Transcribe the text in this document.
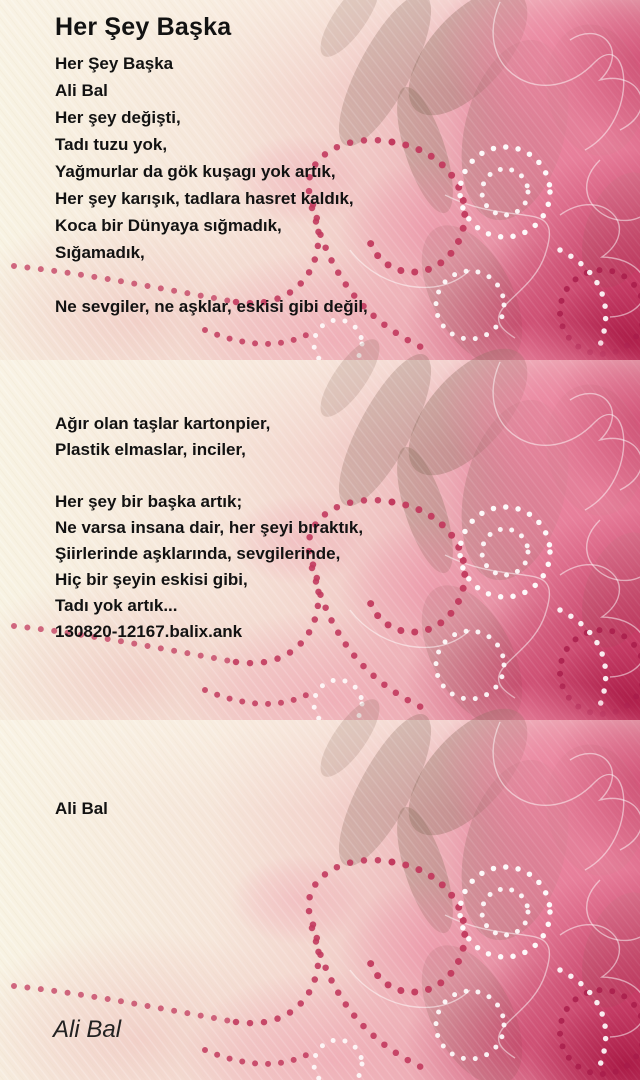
Her Şey Başka
Her Şey Başka
Ali Bal
Her şey değişti,
Tadı tuzu yok,
Yağmurlar da gök kuşagı yok artık,
Her şey karışık, tadlara hasret kaldık,
Koca bir Dünyaya sığmadık,
Sığamadık,

Ne sevgiler, ne aşklar, eskisi gibi değil,
Ağır olan taşlar kartonpier,
Plastik elmaslar, inciler,

Her şey bir başka artık;
Ne varsa insana dair, her şeyi bıraktık,
Şiirlerinde aşklarında, sevgilerinde,
Hiç bir şeyin eskisi gibi,
Tadı yok artık...
130820-12167.balix.ank
Ali Bal
Ali Bal
